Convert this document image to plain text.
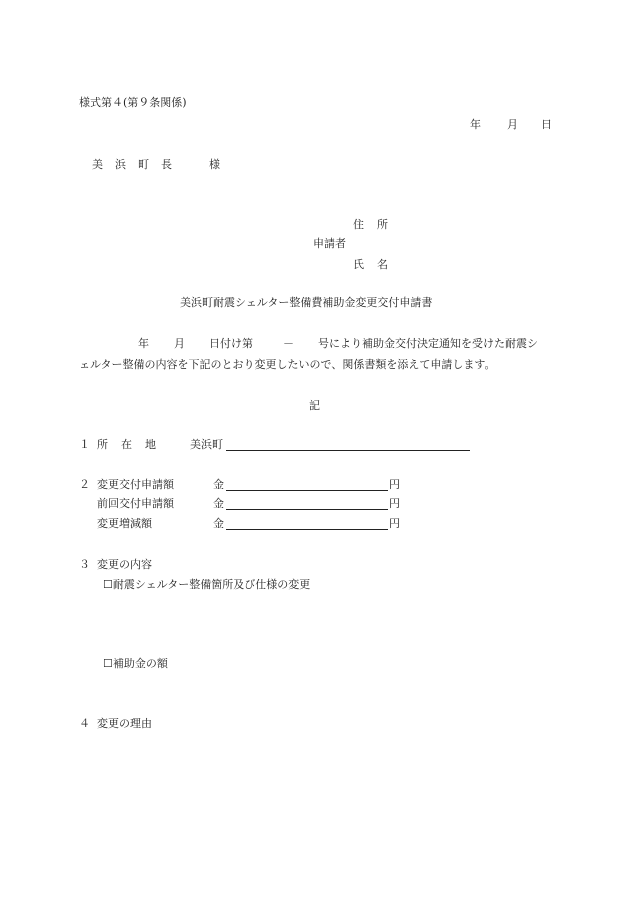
様式第４(第９条関係)
年 月 日
美 浜 町 長	様
住 所
申請者
氏 名
美浜町耐震シェルター整備費補助金変更交付申請書
年 月 日付け第	－ 号により補助金交付決定通知を受けた耐震シ
ェルター整備の内容を下記のとおり変更したいので、関係書類を添えて申請します。
記
１ 所 在 地	美浜町
２ 変更交付申請額	金	円
前回交付申請額	金	円
変更増減額	金	円
３ 変更の内容
☐耐震シェルター整備箇所及び仕様の変更
☐補助金の額
４ 変更の理由
